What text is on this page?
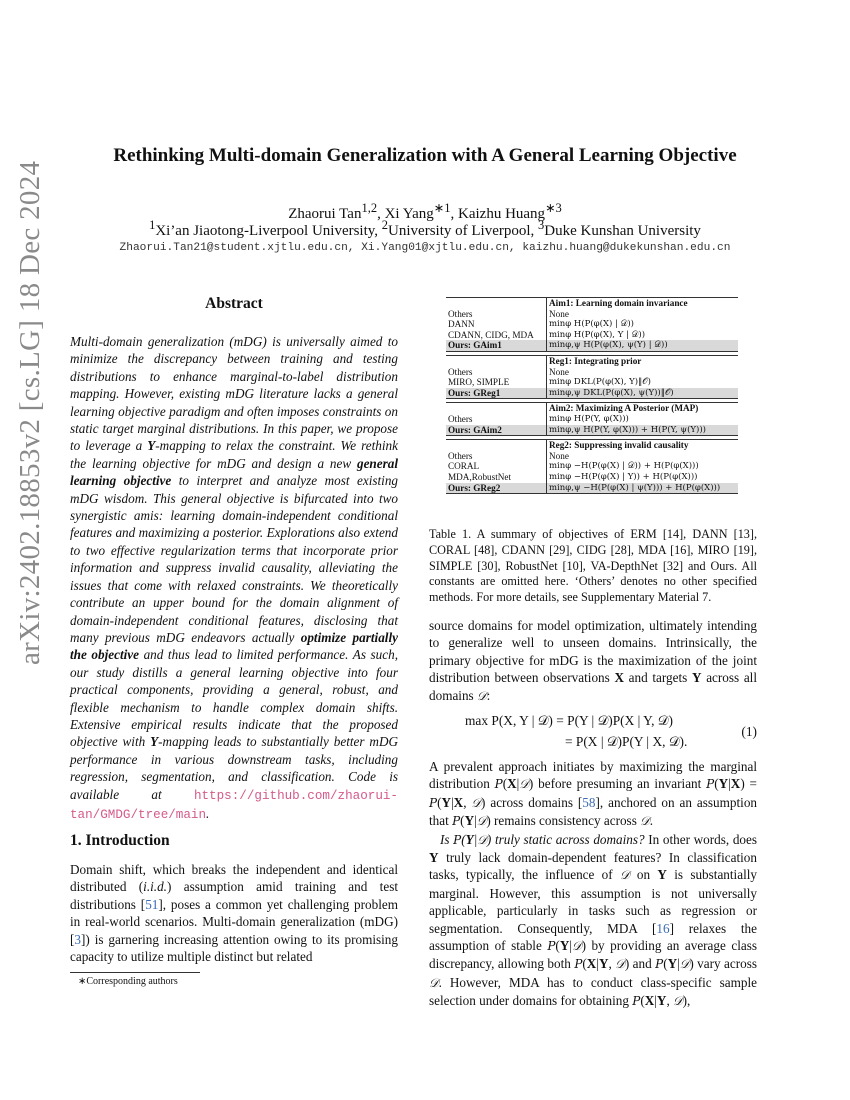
Rethinking Multi-domain Generalization with A General Learning Objective
Zhaorui Tan$^{1,2}$, Xi Yang$^{∗1}$, Kaizhu Huang$^{∗3}$
$^1$Xi’an Jiaotong-Liverpool University, $^2$University of Liverpool, $^3$Duke Kunshan University
Zhaorui.Tan21@student.xjtlu.edu.cn, Xi.Yang01@xjtlu.edu.cn, kaizhu.huang@dukekunshan.edu.cn
arXiv:2402.18853v2 [cs.LG] 18 Dec 2024	Abstract
Multi-domain generalization (mDG) is universally aimed to minimize the discrepancy between training and testing distributions to enhance marginal-to-label distribution mapping. However, existing mDG literature lacks a general learning objective paradigm and often imposes constraints on static target marginal distributions. In this paper, we propose to leverage a Y-mapping to relax the constraint. We rethink the learning objective for mDG and design a new general learning objective to interpret and analyze most existing mDG wisdom. This general objective is bifurcated into two synergistic amis: learning domain-independent conditional features and maximizing a posterior. Explorations also extend to two effective regularization terms that incorporate prior information and suppress invalid causality, alleviating the issues that come with relaxed constraints. We theoretically contribute an upper bound for the domain alignment of domain-independent conditional features, disclosing that many previous mDG endeavors actually optimize partially the objective and thus lead to limited performance. As such, our study distills a general learning objective into four practical components, providing a general, robust, and flexible mechanism to handle complex domain shifts. Extensive empirical results indicate that the proposed objective with Y-mapping leads to substantially better mDG performance in various downstream tasks, including regression, segmentation, and classification. Code is available at https://github.com/zhaorui-tan/GMDG/tree/main.
1. Introduction
Domain shift, which breaks the independent and identical distributed (i.i.d.) assumption amid training and test distributions [51], poses a common yet challenging problem in real-world scenarios. Multi-domain generalization (mDG) [3]) is garnering increasing attention owing to its promising capacity to utilize multiple distinct but related
∗Corresponding authors
	Aim1: Learning domain invariance
Others	None
DANN	minφ H(P(φ(X) | 𝒟))
CDANN, CIDG, MDA	minφ H(P(φ(X), Y | 𝒟))
Ours: GAim1	minφ,ψ H(P(φ(X), ψ(Y) | 𝒟))

	Reg1: Integrating prior
Others	None
MIRO, SIMPLE	minφ DKL(P(φ(X), Y)‖𝒪)
Ours: GReg1	minφ,ψ DKL(P(φ(X), ψ(Y))‖𝒪)

	Aim2: Maximizing A Posterior (MAP)
Others	minφ H(P(Y, φ(X)))
Ours: GAim2	minφ,ψ H(P(Y, φ(X))) + H(P(Y, ψ(Y)))

	Reg2: Suppressing invalid causality
Others	None
CORAL	minφ −H(P(φ(X) | 𝒟)) + H(P(φ(X)))
MDA,RobustNet	minφ −H(P(φ(X) | Y)) + H(P(φ(X)))
Ours: GReg2	minφ,ψ −H(P(φ(X) | ψ(Y))) + H(P(φ(X)))
Table 1. A summary of objectives of ERM [14], DANN [13], CORAL [48], CDANN [29], CIDG [28], MDA [16], MIRO [19], SIMPLE [30], RobustNet [10], VA-DepthNet [32] and Ours. All constants are omitted here. ‘Others’ denotes no other specified methods. For more details, see Supplementary Material 7.
source domains for model optimization, ultimately intending to generalize well to unseen domains. Intrinsically, the primary objective for mDG is the maximization of the joint distribution between observations X and targets Y across all domains 𝒟:
max P(X, Y | 𝒟) = P(Y | 𝒟)P(X | Y, 𝒟)
= P(X | 𝒟)P(Y | X, 𝒟).
(1)
A prevalent approach initiates by maximizing the marginal distribution P(X|𝒟) before presuming an invariant P(Y|X) = P(Y|X, 𝒟) across domains [58], anchored on an assumption that P(Y|𝒟) remains consistency across 𝒟.
Is P(Y|𝒟) truly static across domains? In other words, does Y truly lack domain-dependent features? In classification tasks, typically, the influence of 𝒟 on Y is substantially marginal. However, this assumption is not universally applicable, particularly in tasks such as regression or segmentation. Consequently, MDA [16] relaxes the assumption of stable P(Y|𝒟) by providing an average class discrepancy, allowing both P(X|Y, 𝒟) and P(Y|𝒟) vary across 𝒟. However, MDA has to conduct class-specific sample selection under domains for obtaining P(X|Y, 𝒟),
